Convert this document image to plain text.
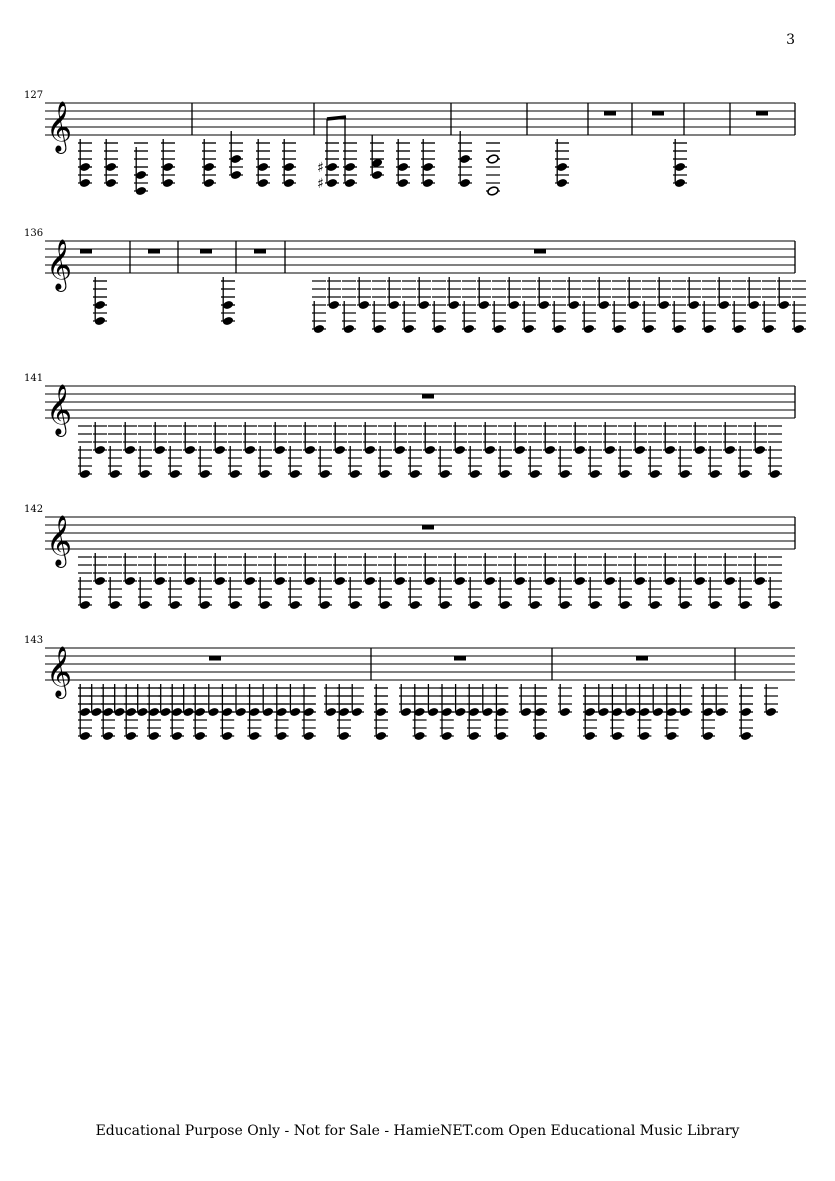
3
𝄞
127
𝄞
136
𝄞
141
𝄞
142
𝄞
143
♯
♯
Educational Purpose Only - Not for Sale - HamieNET.com Open Educational Music Library
